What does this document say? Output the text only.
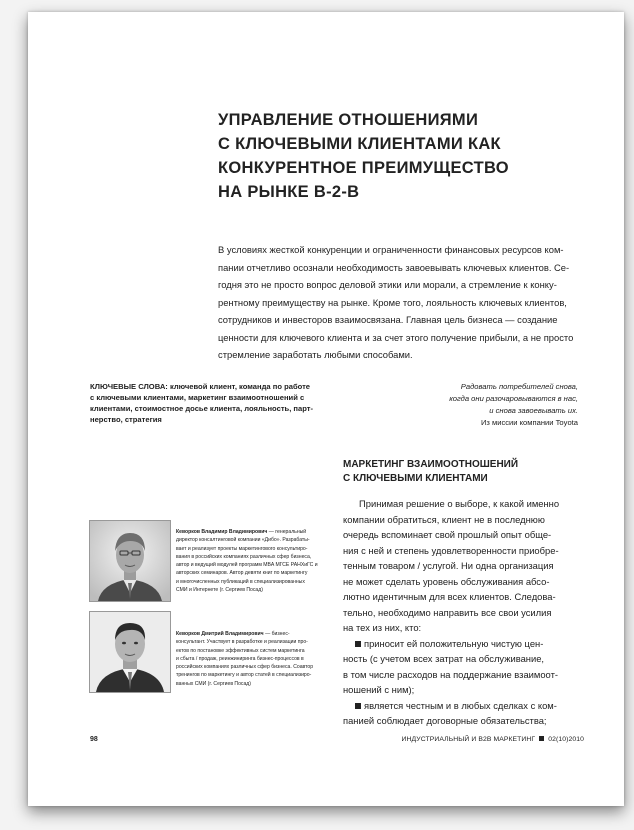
УПРАВЛЕНИЕ ОТНОШЕНИЯМИ
С КЛЮЧЕВЫМИ КЛИЕНТАМИ КАК
КОНКУРЕНТНОЕ ПРЕИМУЩЕСТВО
НА РЫНКЕ B-2-B
В условиях жесткой конкуренции и ограниченности финансовых ресурсов ком-
пании отчетливо осознали необходимость завоевывать ключевых клиентов. Се-
годня это не просто вопрос деловой этики или морали, а стремление к конку-
рентному преимуществу на рынке. Кроме того, лояльность ключевых клиентов,
сотрудников и инвесторов взаимосвязана. Главная цель бизнеса — создание
ценности для ключевого клиента и за счет этого получение прибыли, а не просто
стремление заработать любыми способами.
КЛЮЧЕВЫЕ СЛОВА: ключевой клиент, команда по работе
с ключевыми клиентами, маркетинг взаимоотношений с
клиентами, стоимостное досье клиента, лояльность, парт-
нерство, стратегия
Радовать потребителей снова,
когда они разочаровываются в нас,
и снова завоевывать их.
Из миссии компании Toyota
МАРКЕТИНГ ВЗАИМООТНОШЕНИЙ
С КЛЮЧЕВЫМИ КЛИЕНТАМИ
Принимая решение о выборе, к какой именно
компании обратиться, клиент не в последнюю
очередь вспоминает свой прошлый опыт обще-
ния с ней и степень удовлетворенности приобре-
тенным товаром / услугой. Ни одна организация
не может сделать уровень обслуживания абсо-
лютно идентичным для всех клиентов. Следова-
тельно, необходимо направить все свои усилия
на тех из них, кто:
приносит ей положительную чистую цен-
ность (с учетом всех затрат на обслуживание,
в том числе расходов на поддержание взаимоот-
ношений с ним);
является честным и в любых сделках с ком-
панией соблюдает договорные обязательства;
Кеворков Владимир Владимирович — генеральный
директор консалтинговой компании «Дибо». Разрабаты-
вает и реализует проекты маркетингового консультиро-
вания в российских компаниях различных сфер бизнеса,
автор и ведущий модулей программ MBA МГСЕ РАНХиГС и
авторских семинаров. Автор девяти книг по маркетингу
и многочисленных публикаций в специализированных
СМИ и Интернете (г. Сергиев Посад)
Кеворков Дмитрий Владимирович — бизнес-
консультант. Участвует в разработке и реализации про-
ектов по постановке эффективных систем маркетинга
и сбыта / продаж, реинжиниринга бизнес-процессов в
российских компаниях различных сфер бизнеса. Соавтор
тренингов по маркетингу и автор статей в специализиро-
ванных СМИ (г. Сергиев Посад)
98	ИНДУСТРИАЛЬНЫЙ И B2B МАРКЕТИНГ 02(10)2010
